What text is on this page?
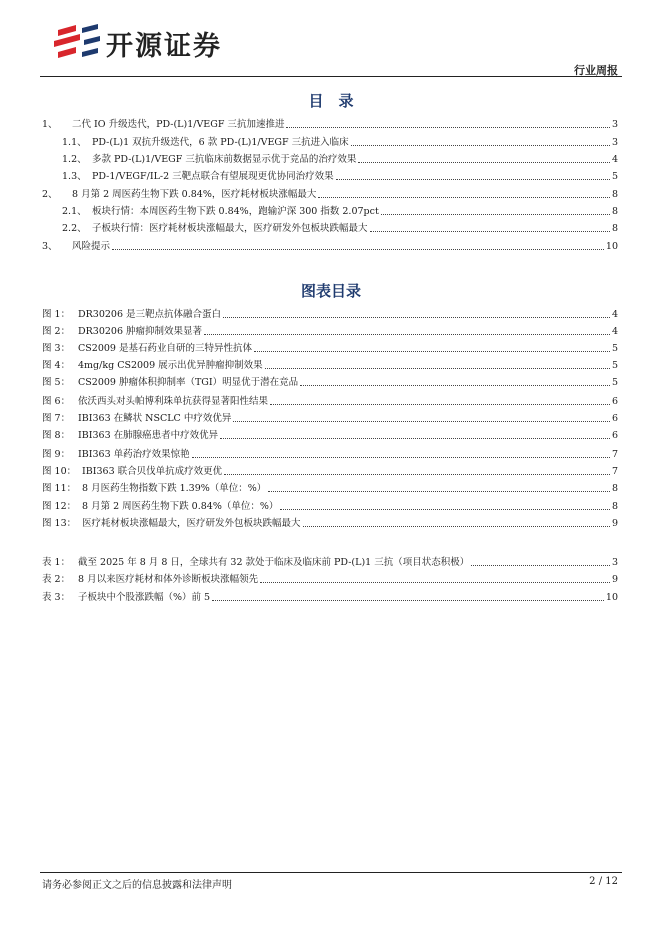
开源证券
行业周报
目　录
1、	二代 IO 升级迭代，PD-(L)1/VEGF 三抗加速推进	3
1.1、 PD-(L)1 双抗升级迭代，6 款 PD-(L)1/VEGF 三抗进入临床	3
1.2、 多款 PD-(L)1/VEGF 三抗临床前数据显示优于竞品的治疗效果	4
1.3、 PD-1/VEGF/IL-2 三靶点联合有望展现更优协同治疗效果	5
2、	8 月第 2 周医药生物下跌 0.84%，医疗耗材板块涨幅最大	8
2.1、 板块行情：本周医药生物下跌 0.84%，跑输沪深 300 指数 2.07pct	8
2.2、 子板块行情：医疗耗材板块涨幅最大，医疗研发外包板块跌幅最大	8
3、	风险提示	10
图表目录
图 1： DR30206 是三靶点抗体融合蛋白	4
图 2： DR30206 肿瘤抑制效果显著	4
图 3： CS2009 是基石药业自研的三特异性抗体	5
图 4： 4mg/kg CS2009 展示出优异肿瘤抑制效果	5
图 5： CS2009 肿瘤体积抑制率（TGI）明显优于潜在竞品	5
图 6： 依沃西头对头帕博利珠单抗获得显著阳性结果	6
图 7： IBI363 在鳞状 NSCLC 中疗效优异	6
图 8： IBI363 在肺腺癌患者中疗效优异	6
图 9： IBI363 单药治疗效果惊艳	7
图 10： IBI363 联合贝伐单抗成疗效更优	7
图 11： 8 月医药生物指数下跌 1.39%（单位：%）	8
图 12： 8 月第 2 周医药生物下跌 0.84%（单位：%）	8
图 13： 医疗耗材板块涨幅最大，医疗研发外包板块跌幅最大	9
表 1： 截至 2025 年 8 月 8 日，全球共有 32 款处于临床及临床前 PD-(L)1 三抗（项目状态积极）	3
表 2： 8 月以来医疗耗材和体外诊断板块涨幅领先	9
表 3： 子板块中个股涨跌幅（%）前 5	10
请务必参阅正文之后的信息披露和法律声明	2 / 12
